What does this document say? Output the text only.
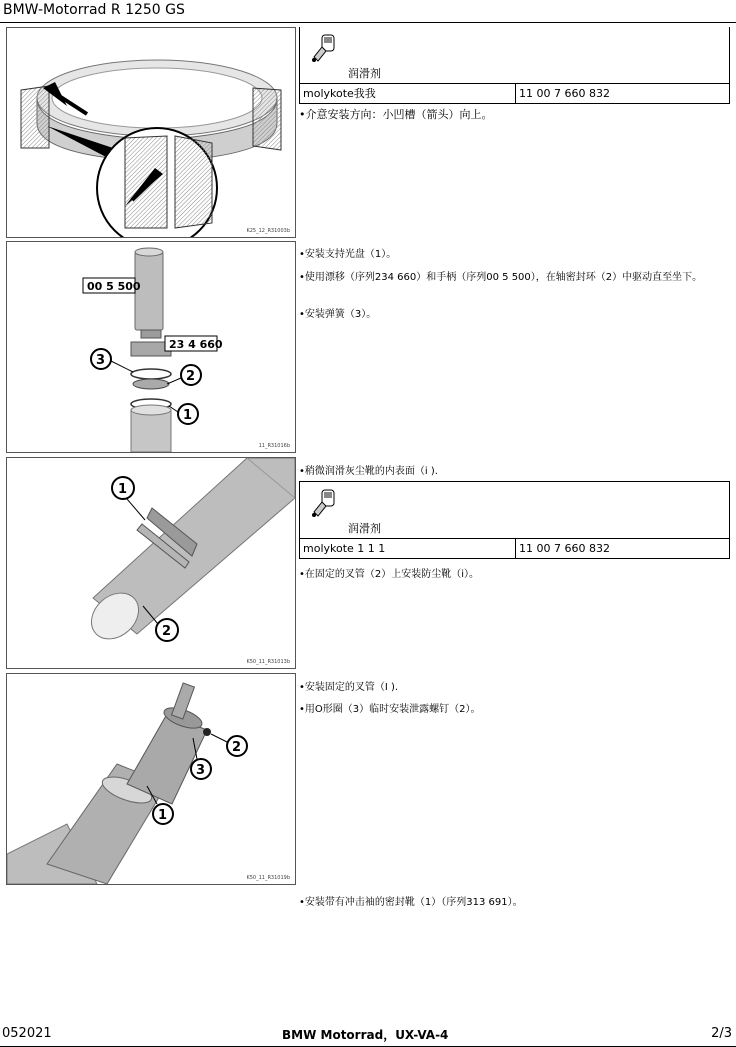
BMW-Motorrad R 1250 GS
K25_12_R31003b
润滑剂
molykote我我	11 00 7 660 832
•介意安装方向：小凹槽（箭头）向上。
00 5 500
23 4 660
3
2
1
11_R31016b
•安装支持光盘（1）。
•使用漂移（序列234 660）和手柄（序列00 5 500），在轴密封环（2）中驱动直至坐下。
•安装弹簧（3）。
1
2
K50_11_R31013b
•稍微润滑灰尘靴的内表面（i ).
润滑剂
molykote 1 1 1	11 00 7 660 832
•在固定的叉管（2）上安装防尘靴（i）。
2
3
1
K50_11_R31019b
•安装固定的叉管（I ).
•用O形圈（3）临时安装泄露螺钉（2）。
•安装带有冲击袖的密封靴（1）（序列313 691）。
052021	BMW Motorrad，UX-VA-4	2/3
